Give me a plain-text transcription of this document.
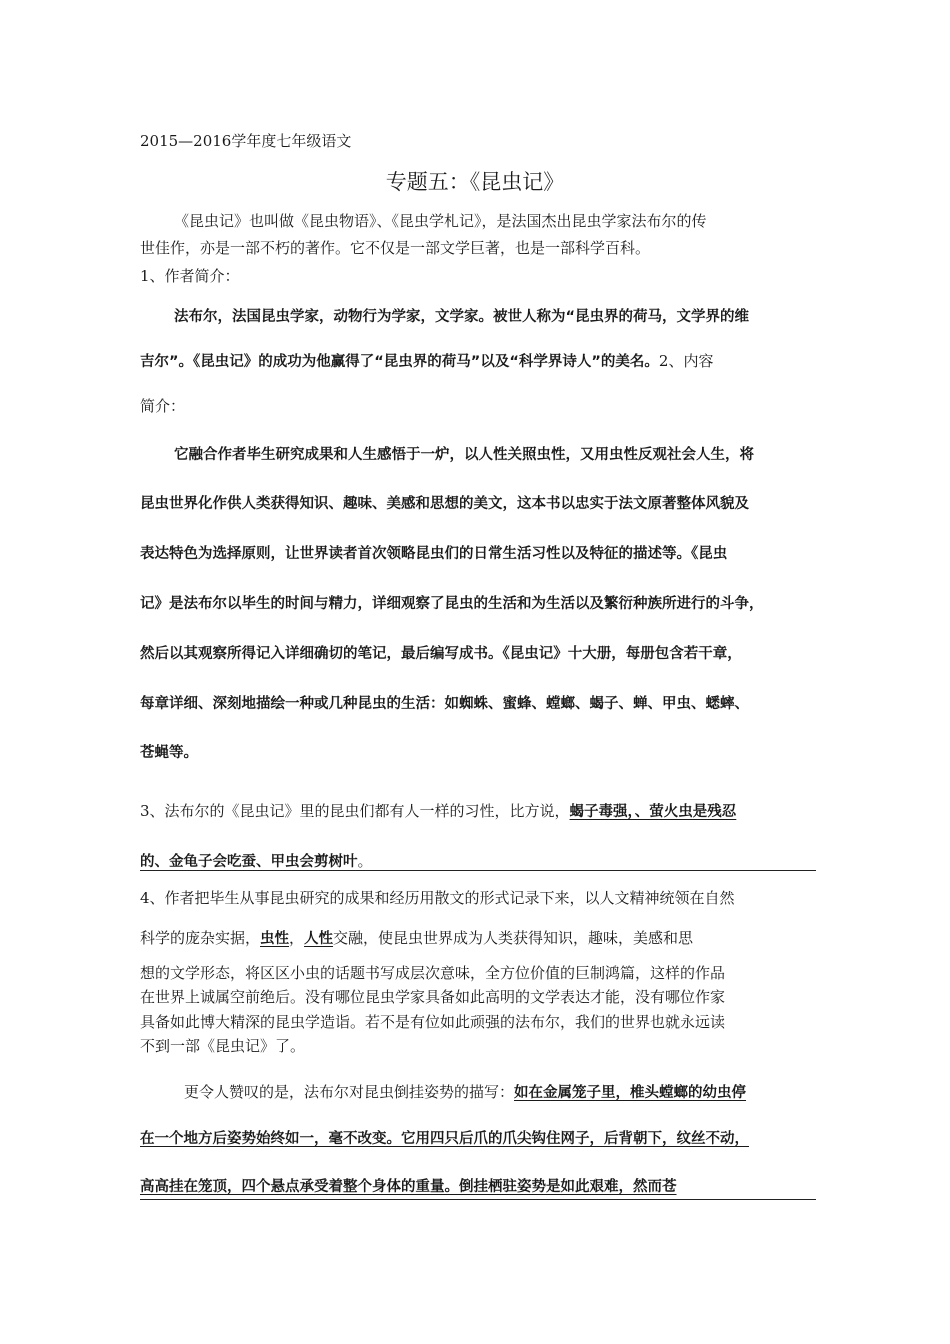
2015—2016学年度七年级语文
专题五：《昆虫记》
《昆虫记》也叫做《昆虫物语》、《昆虫学札记》，是法国杰出昆虫学家法布尔的传
世佳作，亦是一部不朽的著作。它不仅是一部文学巨著，也是一部科学百科。
1、作者简介：
法布尔，法国昆虫学家，动物行为学家，文学家。被世人称为“昆虫界的荷马，文学界的维
吉尔”。《昆虫记》的成功为他赢得了“昆虫界的荷马”以及“科学界诗人”的美名。2、内容
简介：
它融合作者毕生研究成果和人生感悟于一炉，以人性关照虫性，又用虫性反观社会人生，将
昆虫世界化作供人类获得知识、趣味、美感和思想的美文，这本书以忠实于法文原著整体风貌及
表达特色为选择原则，让世界读者首次领略昆虫们的日常生活习性以及特征的描述等。《昆虫
记》是法布尔以毕生的时间与精力，详细观察了昆虫的生活和为生活以及繁衍种族所进行的斗争，
然后以其观察所得记入详细确切的笔记，最后编写成书。《昆虫记》十大册，每册包含若干章，
每章详细、深刻地描绘一种或几种昆虫的生活：如蜘蛛、蜜蜂、螳螂、蝎子、蝉、甲虫、蟋蟀、
苍蝇等。
3、法布尔的《昆虫记》里的昆虫们都有人一样的习性，比方说，蝎子毒强，、萤火虫是残忍
的、金龟子会吃蚕、甲虫会剪树叶。
4、作者把毕生从事昆虫研究的成果和经历用散文的形式记录下来，以人文精神统领在自然
科学的庞杂实据，虫性，人性交融，使昆虫世界成为人类获得知识，趣味，美感和思
想的文学形态，将区区小虫的话题书写成层次意味，全方位价值的巨制鸿篇，这样的作品
在世界上诚属空前绝后。没有哪位昆虫学家具备如此高明的文学表达才能，没有哪位作家
具备如此博大精深的昆虫学造诣。若不是有位如此顽强的法布尔，我们的世界也就永远读
不到一部《昆虫记》了。
更令人赞叹的是，法布尔对昆虫倒挂姿势的描写：如在金属笼子里，椎头螳螂的幼虫停
在一个地方后姿势始终如一，毫不改变。它用四只后爪的爪尖钩住网子，后背朝下，纹丝不动，
高高挂在笼顶，四个悬点承受着整个身体的重量。倒挂栖驻姿势是如此艰难，然而苍
